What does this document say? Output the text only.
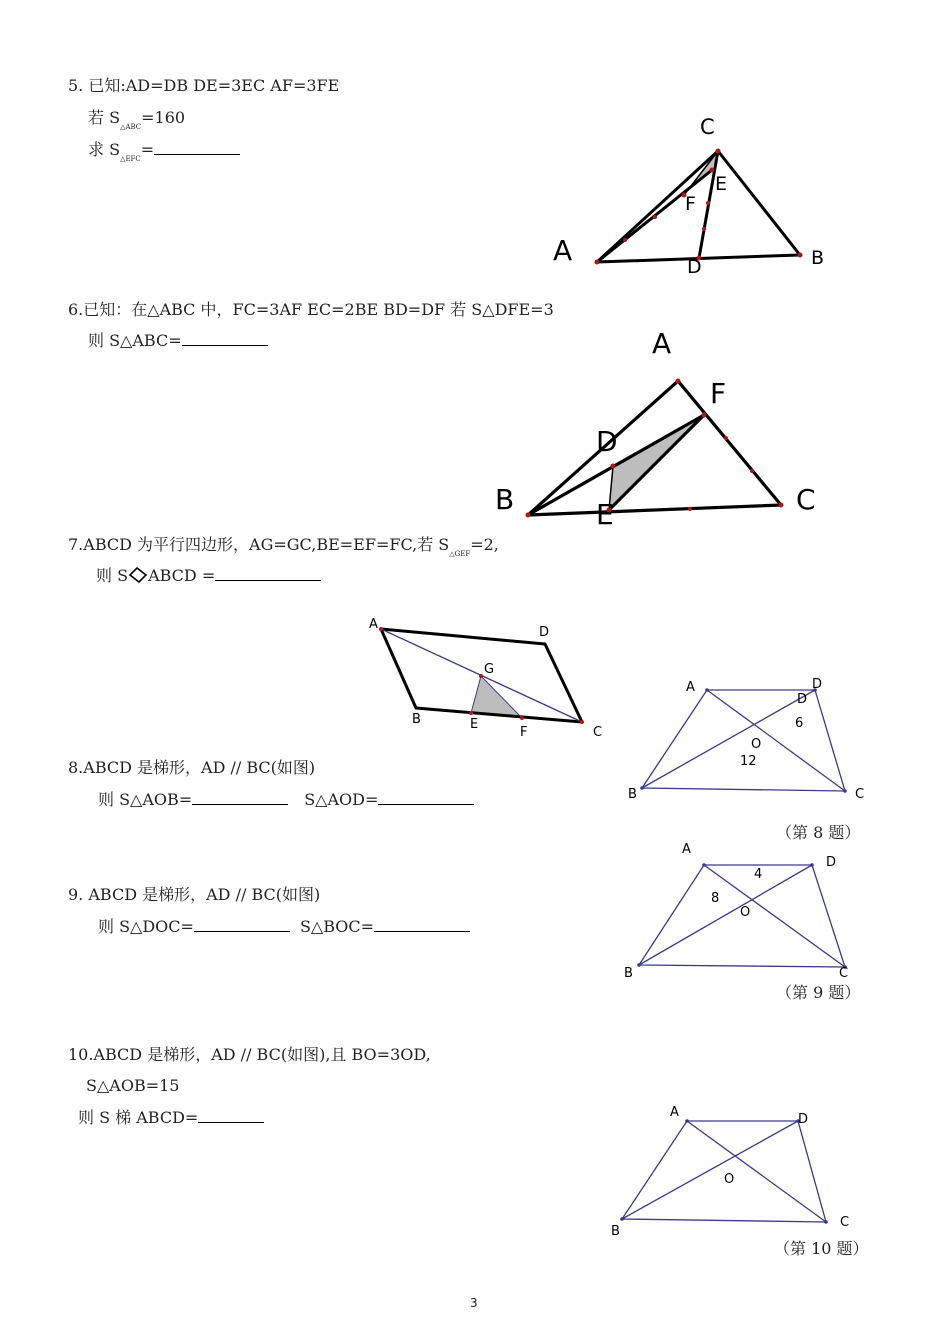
5. 已知:AD=DB DE=3EC AF=3FE
若 $S_{\triangle ABC}=160$
求 $S_{\triangle EFC}=$
6.已知：在△ABC 中，FC=3AF EC=2BE BD=DF 若 S△DFE=3
则 S△ABC=
7.ABCD 为平行四边形，AG=GC,BE=EF=FC,若 $S_{\triangle GEF}=2$,
则 S ABCD =
8.ABCD 是梯形，AD // BC(如图)
则 S△AOB=	S△AOD=
（第 8 题）
9. ABCD 是梯形，AD // BC(如图)
则 S△DOC=	S△BOC=
（第 9 题）
10.ABCD 是梯形，AD // BC(如图),且 BO=3OD,
S△AOB=15
则 S 梯 ABCD=
（第 10 题）
A	B
C
D
E
F
A
B	C
D
E
F
A
B
C
D
E
F
G
A	D
D
C
B
O
6
12
A
D
C
B
O
4
8
A	D
C
B
O
3
